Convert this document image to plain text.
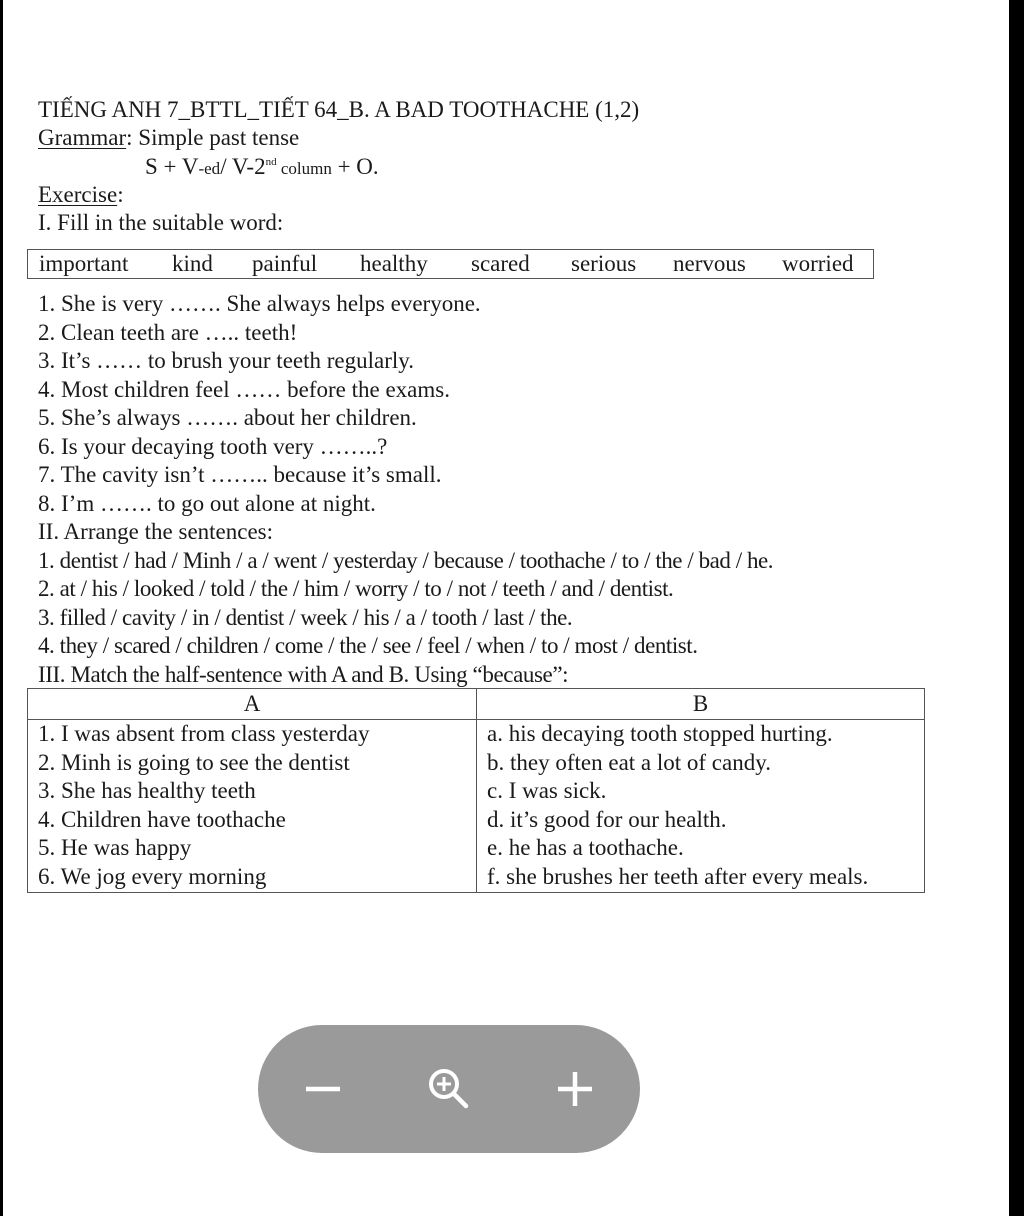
TIẾNG ANH 7_BTTL_TIẾT 64_B. A BAD TOOTHACHE (1,2)
Grammar: Simple past tense
S + V-ed/ V-2nd column + O.
Exercise:
I. Fill in the suitable word:
important kind painful healthy scared serious nervous worried
1. She is very ……. She always helps everyone.
2. Clean teeth are ….. teeth!
3. It’s …… to brush your teeth regularly.
4. Most children feel …… before the exams.
5. She’s always ……. about her children.
6. Is your decaying tooth very ……..?
7. The cavity isn’t …….. because it’s small.
8. I’m ……. to go out alone at night.
II. Arrange the sentences:
1. dentist / had / Minh / a / went / yesterday / because / toothache / to / the / bad / he.
2. at / his / looked / told / the / him / worry / to / not / teeth / and / dentist.
3. filled / cavity / in / dentist / week / his / a / tooth / last / the.
4. they / scared / children / come / the / see / feel / when / to / most / dentist.
III. Match the half-sentence with A and B. Using “because”:
A	B
1. I was absent from class yesterday	a. his decaying tooth stopped hurting.
2. Minh is going to see the dentist	b. they often eat a lot of candy.
3. She has healthy teeth	c. I was sick.
4. Children have toothache	d. it’s good for our health.
5. He was happy	e. he has a toothache.
6. We jog every morning	f. she brushes her teeth after every meals.
